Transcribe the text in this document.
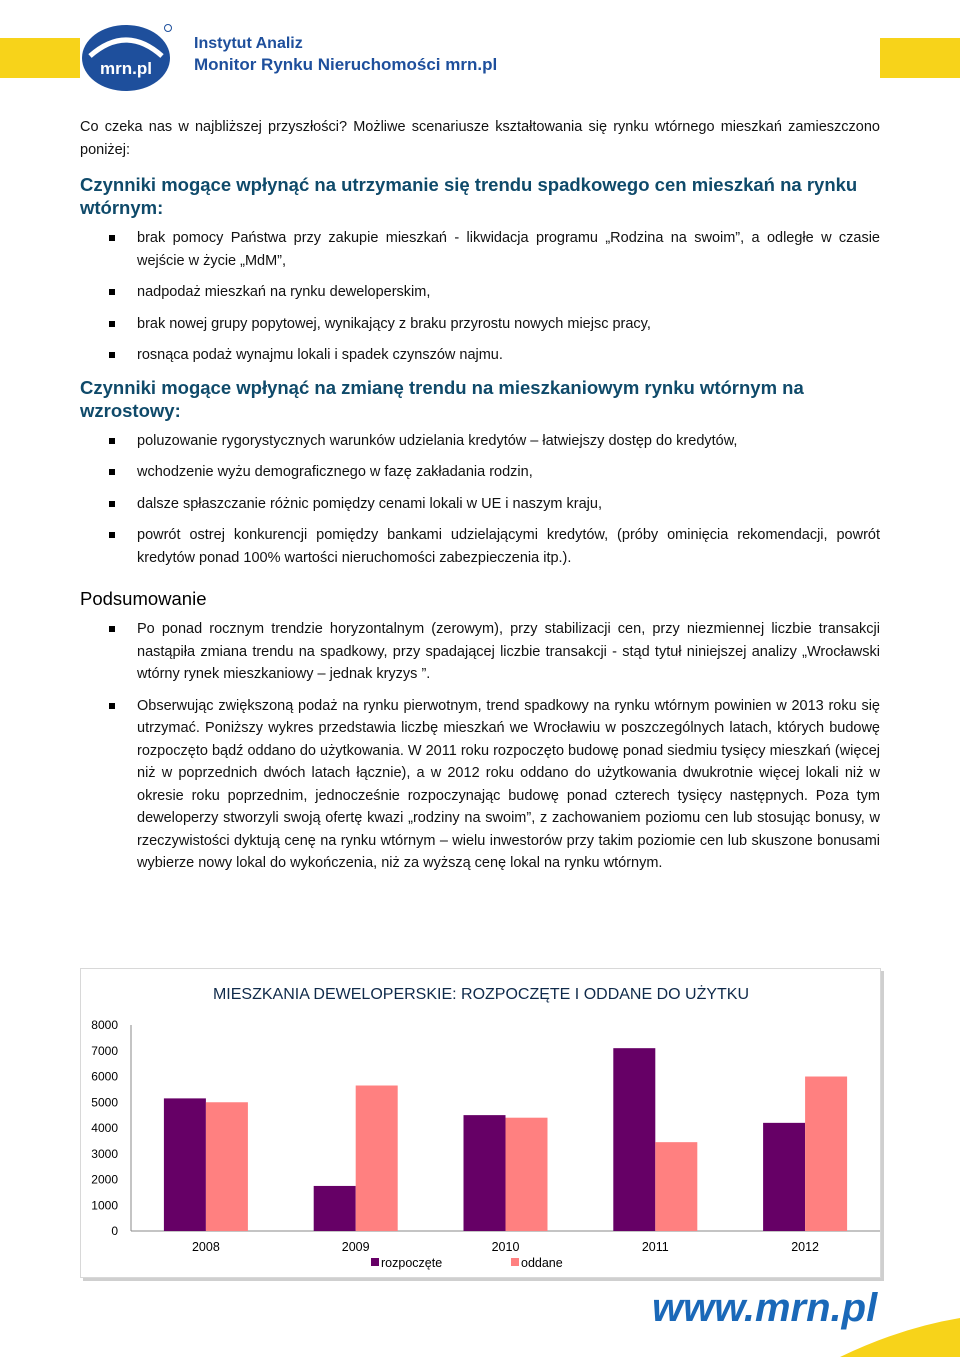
mrn.pl
Instytut Analiz
Monitor Rynku Nieruchomości mrn.pl

Co czeka nas w najbliższej przyszłości? Możliwe scenariusze kształtowania się rynku wtórnego mieszkań zamieszczono poniżej:

Czynniki mogące wpłynąć na utrzymanie się trendu spadkowego cen mieszkań na rynku wtórnym:
brak pomocy Państwa przy zakupie mieszkań - likwidacja programu „Rodzina na swoim”, a odległe w czasie wejście w życie „MdM”,
nadpodaż mieszkań na rynku deweloperskim,
brak nowej grupy popytowej, wynikający z braku przyrostu nowych miejsc pracy,
rosnąca podaż wynajmu lokali i spadek czynszów najmu.
Czynniki mogące wpłynąć na zmianę trendu na mieszkaniowym rynku wtórnym na wzrostowy:
poluzowanie rygorystycznych warunków udzielania kredytów – łatwiejszy dostęp do kredytów,
wchodzenie wyżu demograficznego w fazę zakładania rodzin,
dalsze spłaszczanie różnic pomiędzy cenami lokali w UE i naszym kraju,
powrót ostrej konkurencji pomiędzy bankami udzielającymi kredytów, (próby ominięcia rekomendacji, powrót kredytów ponad 100% wartości nieruchomości zabezpieczenia itp.).
Podsumowanie
Po ponad rocznym trendzie horyzontalnym (zerowym), przy stabilizacji cen, przy niezmiennej liczbie transakcji nastąpiła zmiana trendu na spadkowy, przy spadającej liczbie transakcji - stąd tytuł niniejszej analizy „Wrocławski wtórny rynek mieszkaniowy – jednak kryzys ”.
Obserwując zwiększoną podaż na rynku pierwotnym, trend spadkowy na rynku wtórnym powinien w 2013 roku się utrzymać. Poniższy wykres przedstawia liczbę mieszkań we Wrocławiu w poszczególnych latach, których budowę rozpoczęto bądź oddano do użytkowania. W 2011 roku rozpoczęto budowę ponad siedmiu tysięcy mieszkań (więcej niż w poprzednich dwóch latach łącznie), a w 2012 roku oddano do użytkowania dwukrotnie więcej lokali niż w okresie roku poprzednim, jednocześnie rozpoczynając budowę ponad czterech tysięcy następnych. Poza tym deweloperzy stworzyli swoją ofertę kwazi „rodziny na swoim”, z zachowaniem poziomu cen lub stosując bonusy, w rzeczywistości dyktują cenę na rynku wtórnym – wielu inwestorów przy takim poziomie cen lub skuszone bonusami wybierze nowy lokal do wykończenia, niż za wyższą cenę lokal na rynku wtórnym.
MIESZKANIA DEWELOPERSKIE: ROZPOCZĘTE I ODDANE DO UŻYTKU
0
1000
2000
3000
4000
5000
6000
7000
8000
2008	2009	2010	2011	2012
rozpoczęte	oddane
www.mrn.pl
